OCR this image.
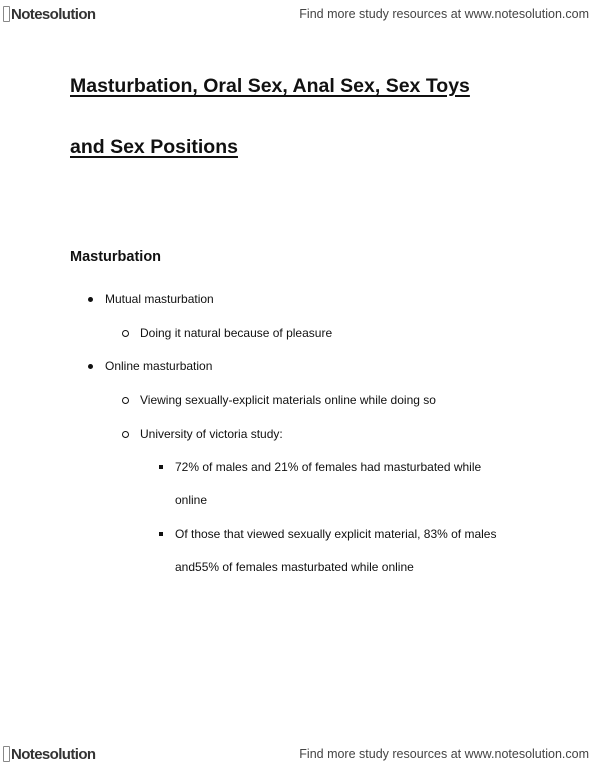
Notesolution	Find more study resources at www.notesolution.com
Masturbation, Oral Sex, Anal Sex, Sex Toys
and Sex Positions
Masturbation
Mutual masturbation
Doing it natural because of pleasure
Online masturbation
Viewing sexually-explicit materials online while doing so
University of victoria study:
72% of males and 21% of females had masturbated while
online
Of those that viewed sexually explicit material, 83% of males
and55% of females masturbated while online
Notesolution	Find more study resources at www.notesolution.com
